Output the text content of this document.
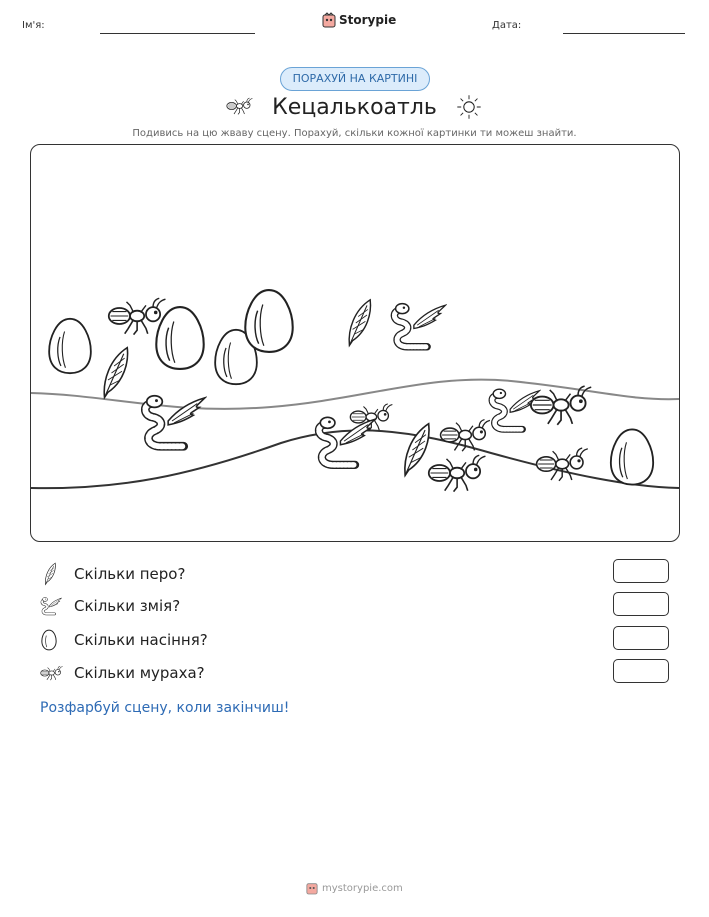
Ім'я:	Storypie	Дата:
ПОРАХУЙ НА КАРТИНІ
Кецалькоатль
Подивись на цю жваву сцену. Порахуй, скільки кожної картинки ти можеш знайти.
Скільки перо?
Скільки змія?
Скільки насіння?
Скільки мураха?
Розфарбуй сцену, коли закінчиш!
mystorypie.com
